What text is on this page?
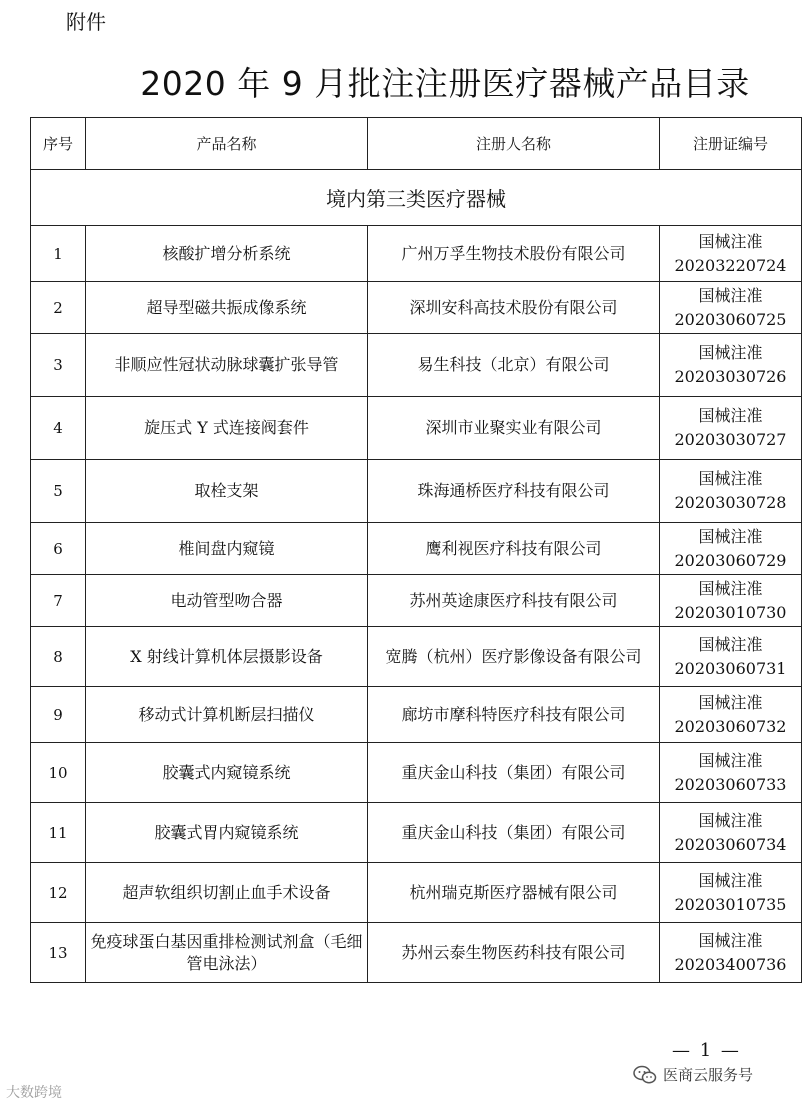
附件
2020 年 9 月批注注册医疗器械产品目录
序号	产品名称	注册人名称	注册证编号
境内第三类医疗器械			
1	核酸扩增分析系统	广州万孚生物技术股份有限公司	国械注准
20203220724
2	超导型磁共振成像系统	深圳安科高技术股份有限公司	国械注准
20203060725
3	非顺应性冠状动脉球囊扩张导管	易生科技（北京）有限公司	国械注准
20203030726
4	旋压式 Y 式连接阀套件	深圳市业聚实业有限公司	国械注准
20203030727
5	取栓支架	珠海通桥医疗科技有限公司	国械注准
20203030728
6	椎间盘内窥镜	鹰利视医疗科技有限公司	国械注准
20203060729
7	电动管型吻合器	苏州英途康医疗科技有限公司	国械注准
20203010730
8	X 射线计算机体层摄影设备	宽腾（杭州）医疗影像设备有限公司	国械注准
20203060731
9	移动式计算机断层扫描仪	廊坊市摩科特医疗科技有限公司	国械注准
20203060732
10	胶囊式内窥镜系统	重庆金山科技（集团）有限公司	国械注准
20203060733
11	胶囊式胃内窥镜系统	重庆金山科技（集团）有限公司	国械注准
20203060734
12	超声软组织切割止血手术设备	杭州瑞克斯医疗器械有限公司	国械注准
20203010735
13	免疫球蛋白基因重排检测试剂盒（毛细管电泳法）	苏州云泰生物医药科技有限公司	国械注准
20203400736
— 1 —
大数跨境
医商云服务号
